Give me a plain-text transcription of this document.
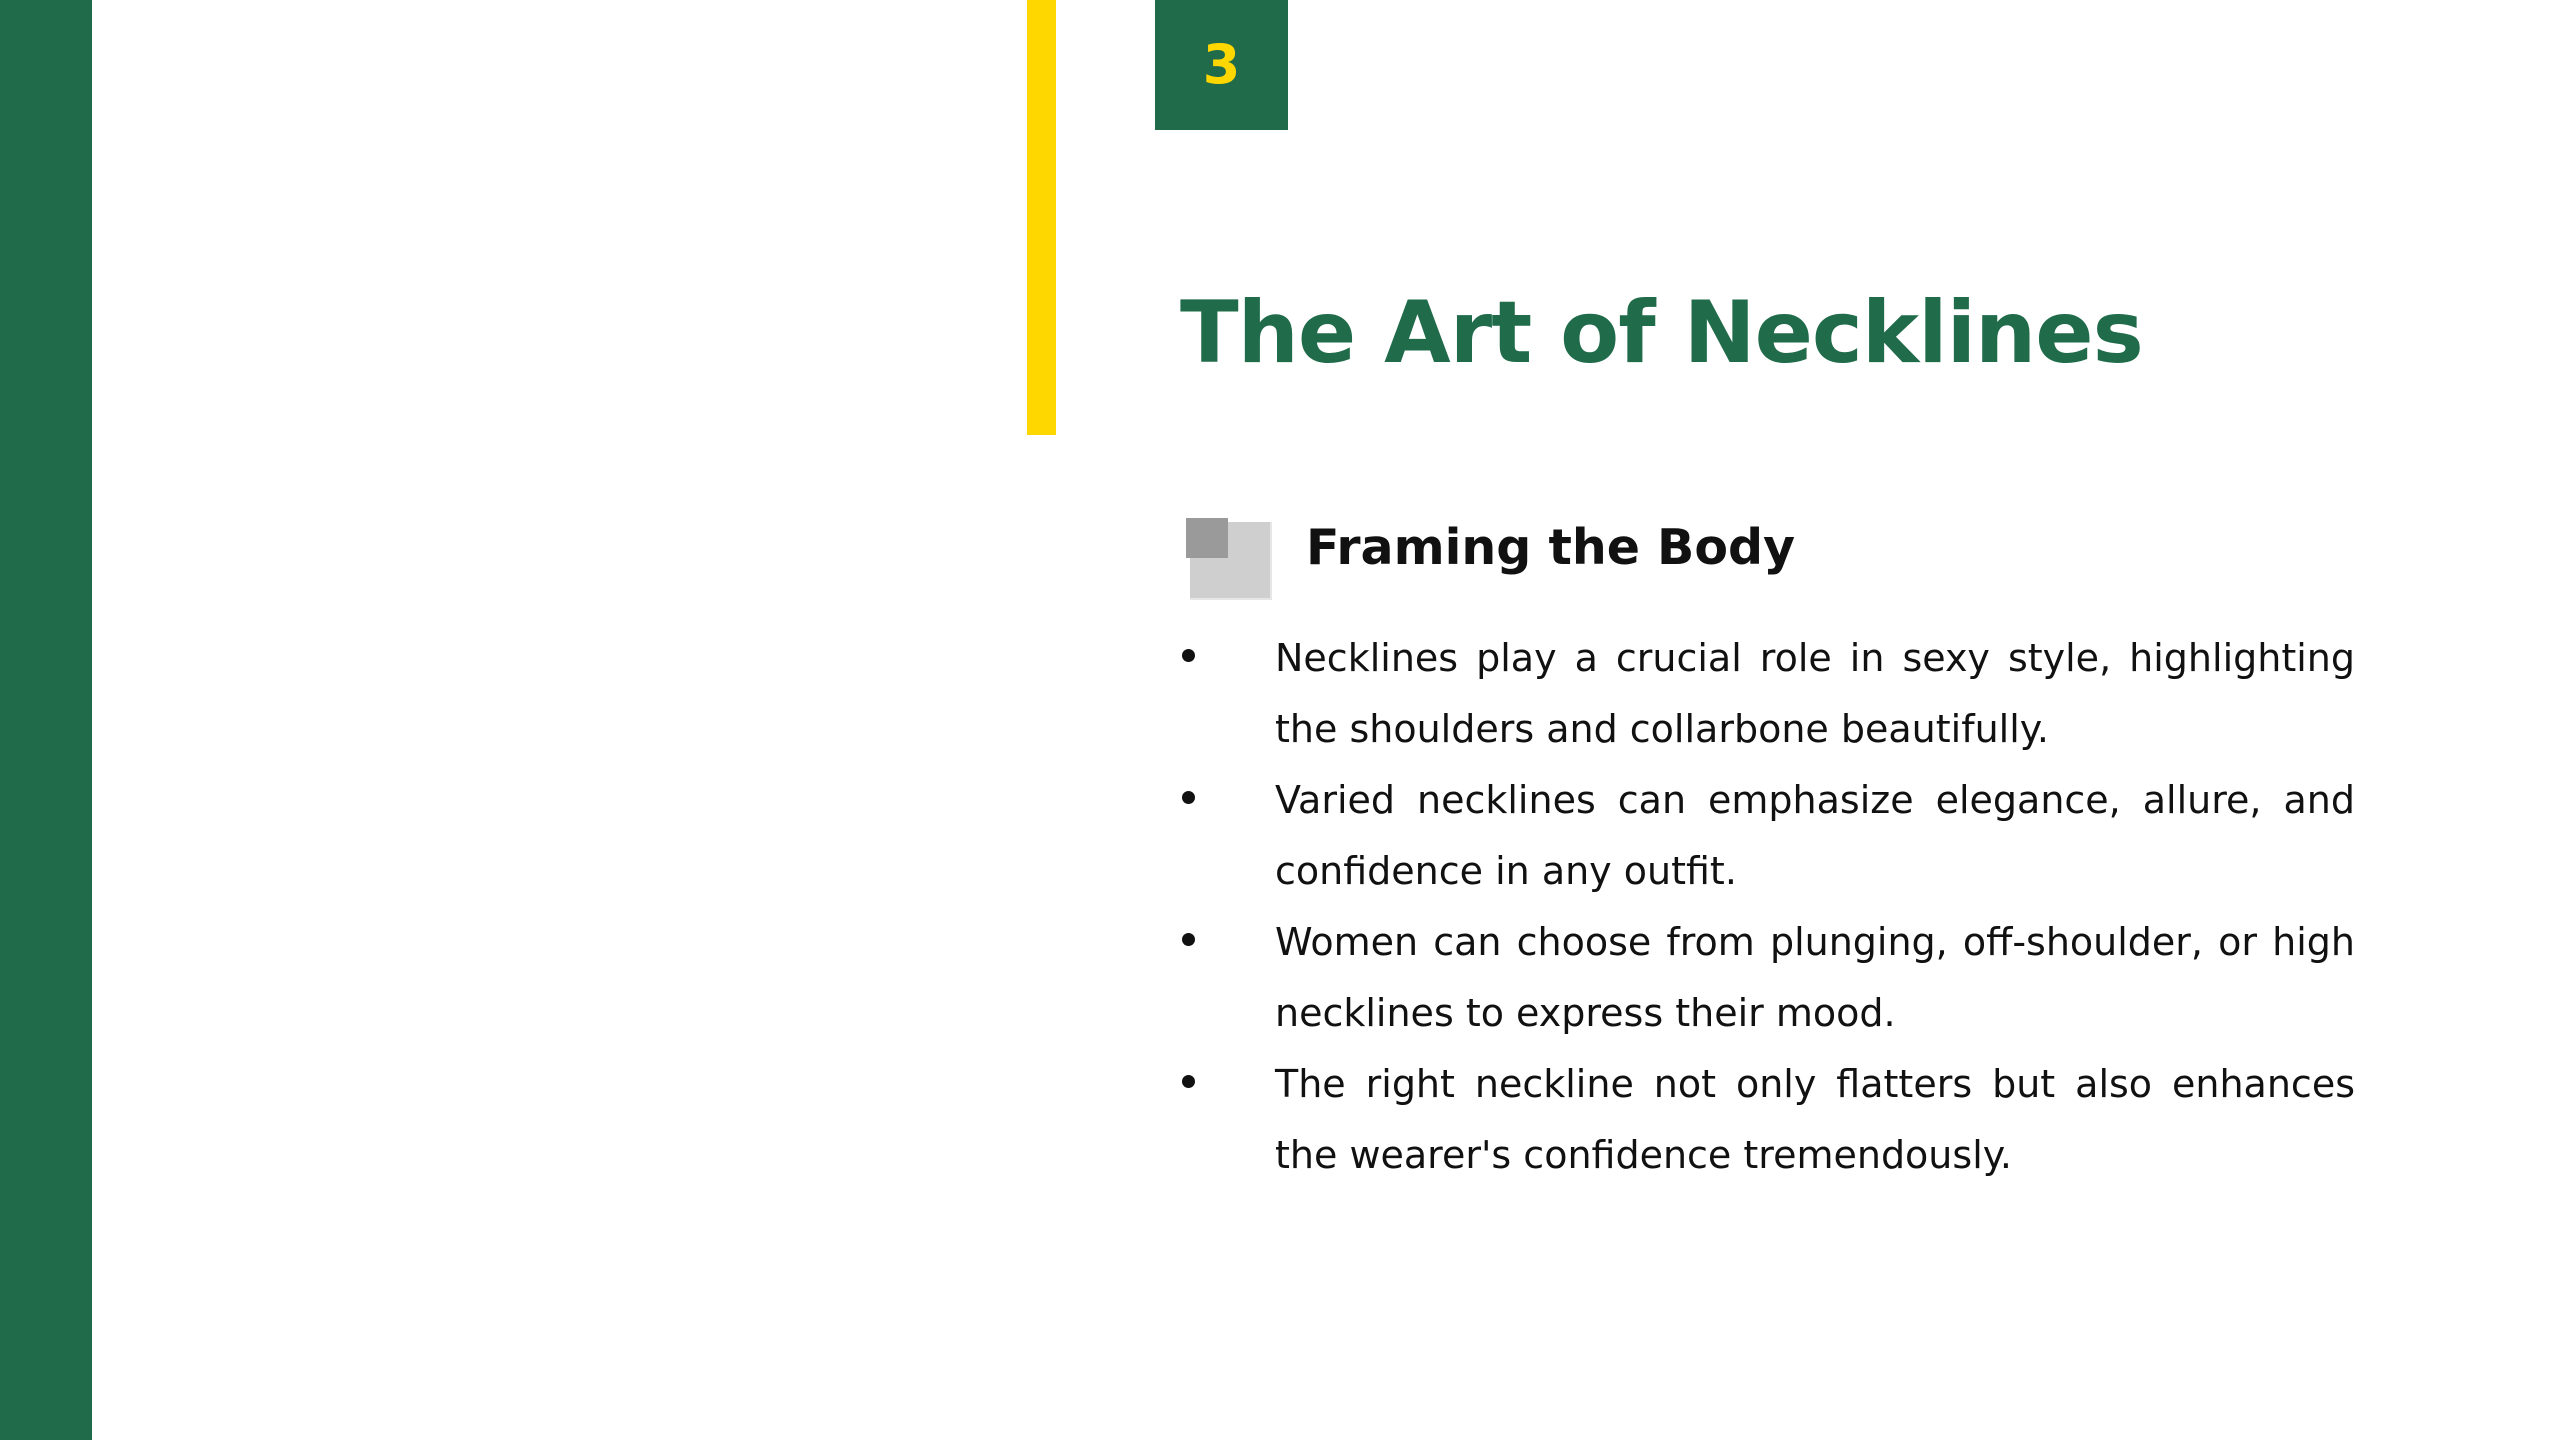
3
The Art of Necklines
Framing the Body
Necklines play a crucial role in sexy style, highlighting the shoulders and collarbone beautifully.
Varied necklines can emphasize elegance, allure, and confidence in any outfit.
Women can choose from plunging, off-shoulder, or high necklines to express their mood.
The right neckline not only flatters but also enhances the wearer's confidence tremendously.
